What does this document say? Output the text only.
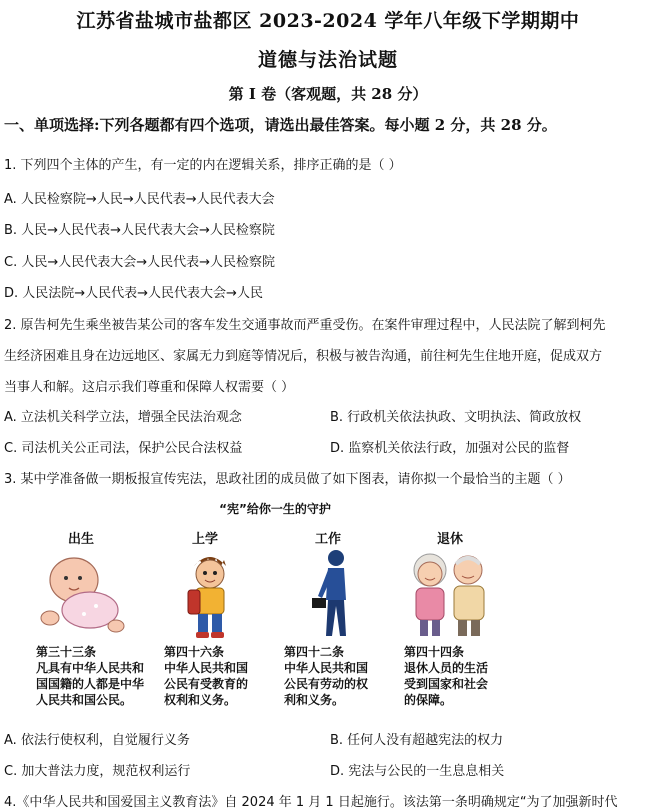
江苏省盐城市盐都区 2023-2024 学年八年级下学期期中
道德与法治试题
第 I 卷（客观题，共 28 分）
一、单项选择:下列各题都有四个选项，请选出最佳答案。每小题 2 分，共 28 分。
1. 下列四个主体的产生，有一定的内在逻辑关系，排序正确的是（ ）
A. 人民检察院→人民→人民代表→人民代表大会
B. 人民→人民代表→人民代表大会→人民检察院
C. 人民→人民代表大会→人民代表→人民检察院
D. 人民法院→人民代表→人民代表大会→人民
2. 原告柯先生乘坐被告某公司的客车发生交通事故而严重受伤。在案件审理过程中，人民法院了解到柯先
生经济困难且身在边远地区、家属无力到庭等情况后，积极与被告沟通，前往柯先生住地开庭，促成双方
当事人和解。这启示我们尊重和保障人权需要（ ）
A. 立法机关科学立法，增强全民法治观念	B. 行政机关依法执政、文明执法、简政放权
C. 司法机关公正司法，保护公民合法权益	D. 监察机关依法行政，加强对公民的监督
3. 某中学准备做一期板报宣传宪法，思政社团的成员做了如下图表，请你拟一个最恰当的主题（ ）
“宪”给你一生的守护
出生	上学	工作	退休
第三十三条
凡具有中华人民共和
国国籍的人都是中华
人民共和国公民。
第四十六条
中华人民共和国
公民有受教育的
权利和义务。
第四十二条
中华人民共和国
公民有劳动的权
利和义务。
第四十四条
退休人员的生活
受到国家和社会
的保障。
A. 依法行使权利，自觉履行义务	B. 任何人没有超越宪法的权力
C. 加大普法力度，规范权利运行	D. 宪法与公民的一生息息相关
4.《中华人民共和国爱国主义教育法》自 2024 年 1 月 1 日起施行。该法第一条明确规定“为了加强新时代
